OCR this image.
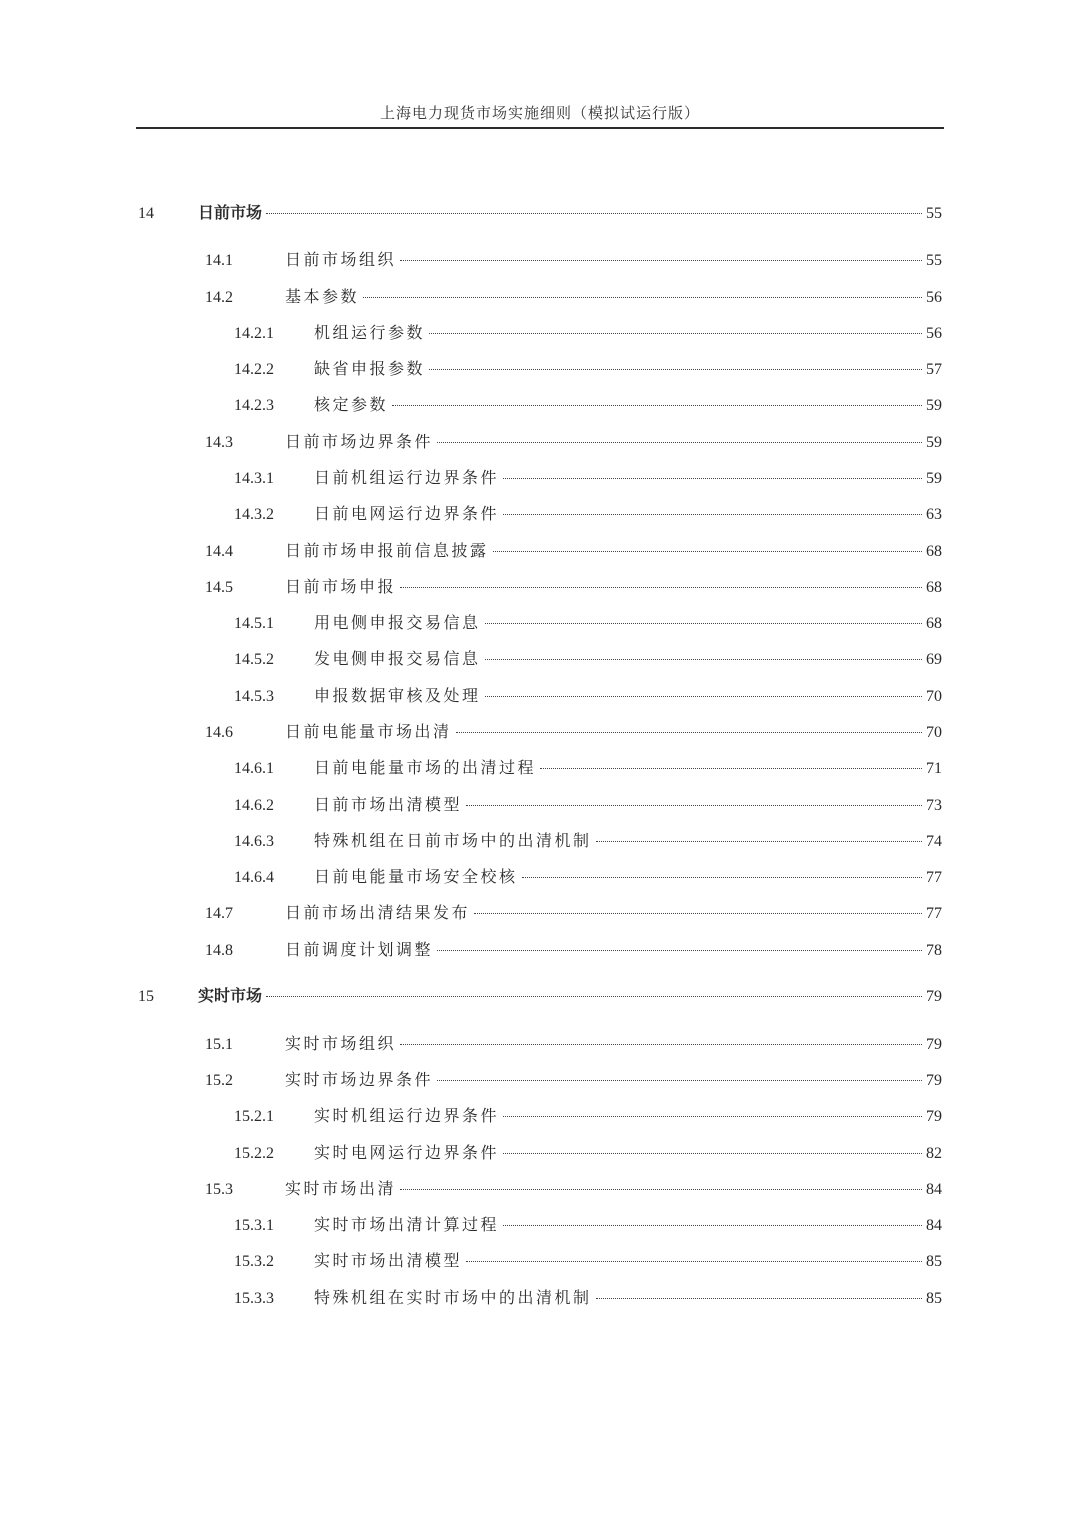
上海电力现货市场实施细则（模拟试运行版）
14	日前市场	55
14.1	日前市场组织	55
14.2	基本参数	56
14.2.1	机组运行参数	56
14.2.2	缺省申报参数	57
14.2.3	核定参数	59
14.3	日前市场边界条件	59
14.3.1	日前机组运行边界条件	59
14.3.2	日前电网运行边界条件	63
14.4	日前市场申报前信息披露	68
14.5	日前市场申报	68
14.5.1	用电侧申报交易信息	68
14.5.2	发电侧申报交易信息	69
14.5.3	申报数据审核及处理	70
14.6	日前电能量市场出清	70
14.6.1	日前电能量市场的出清过程	71
14.6.2	日前市场出清模型	73
14.6.3	特殊机组在日前市场中的出清机制	74
14.6.4	日前电能量市场安全校核	77
14.7	日前市场出清结果发布	77
14.8	日前调度计划调整	78
15	实时市场	79
15.1	实时市场组织	79
15.2	实时市场边界条件	79
15.2.1	实时机组运行边界条件	79
15.2.2	实时电网运行边界条件	82
15.3	实时市场出清	84
15.3.1	实时市场出清计算过程	84
15.3.2	实时市场出清模型	85
15.3.3	特殊机组在实时市场中的出清机制	85
